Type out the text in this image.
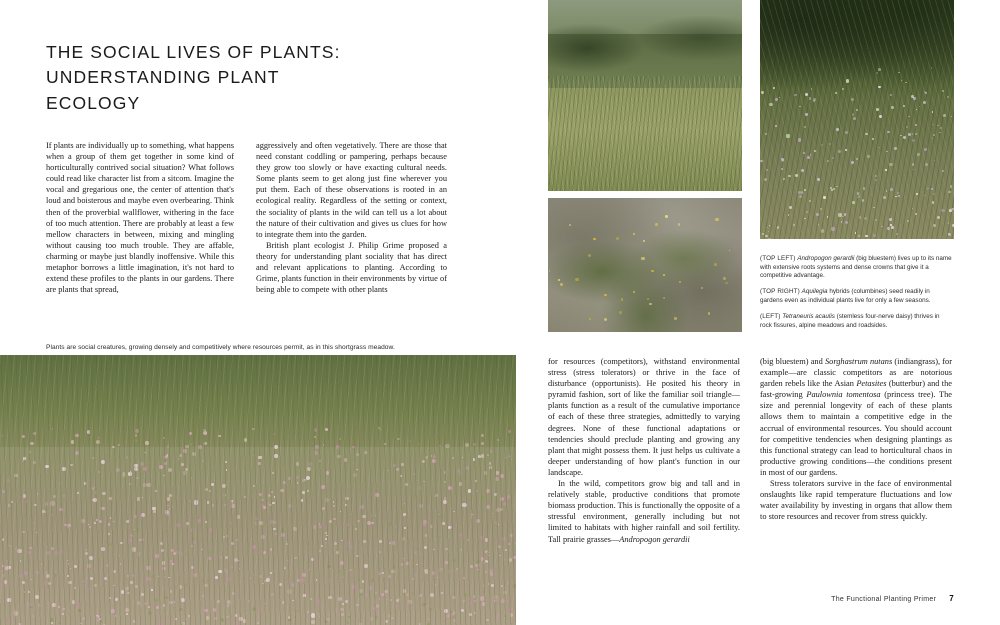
THE SOCIAL LIVES OF PLANTS: UNDERSTANDING PLANT ECOLOGY

If plants are individually up to something, what happens when a group of them get together in some kind of horticulturally contrived social situation? What follows could read like character list from a sitcom. Imagine the vocal and gregarious one, the center of attention that's loud and boisterous and maybe even overbearing. Think then of the proverbial wallflower, withering in the face of too much attention. There are probably at least a few mellow characters in between, mixing and mingling without causing too much trouble. They are affable, charming or maybe just blandly inoffensive. While this metaphor borrows a little imagination, it's not hard to extend these profiles to the plants in our gardens. There are plants that spread,

aggressively and often vegetatively. There are those that need constant coddling or pampering, perhaps because they grow too slowly or have exacting cultural needs. Some plants seem to get along just fine wherever you put them. Each of these observations is rooted in an ecological reality. Regardless of the setting or context, the sociality of plants in the wild can tell us a lot about the nature of their cultivation and gives us clues for how to integrate them into the garden.

British plant ecologist J. Philip Grime proposed a theory for understanding plant sociality that has direct and relevant applications to planting. According to Grime, plants function in their environments by virtue of being able to compete with other plants

Plants are social creatures, growing densely and competitively where resources permit, as in this shortgrass meadow.
(TOP LEFT) Andropogon gerardii (big bluestem) lives up to its name with extensive roots systems and dense crowns that give it a competitive advantage.
(TOP RIGHT) Aquilegia hybrids (columbines) seed readily in gardens even as individual plants live for only a few seasons.
(LEFT) Tetraneuris acaulis (stemless four-nerve daisy) thrives in rock fissures, alpine meadows and roadsides.

for resources (competitors), withstand environmental stress (stress tolerators) or thrive in the face of disturbance (opportunists). He posited his theory in pyramid fashion, sort of like the familiar soil triangle—plants function as a result of the cumulative importance of each of these three strategies, admittedly to varying degrees. None of these functional adaptations or tendencies should preclude planting and growing any plant that might possess them. It just helps us cultivate a deeper understanding of how plant's function in our landscape.

In the wild, competitors grow big and tall and in relatively stable, productive conditions that promote biomass production. This is functionally the opposite of a stressful environment, generally including but not limited to habitats with higher rainfall and soil fertility. Tall prairie grasses—Andropogon gerardii

(big bluestem) and Sorghastrum nutans (indiangrass), for example—are classic competitors as are notorious garden rebels like the Asian Petasites (butterbur) and the fast-growing Paulownia tomentosa (princess tree). The size and perennial longevity of each of these plants allows them to maintain a competitive edge in the accrual of environmental resources. You should account for competitive tendencies when designing plantings as this functional strategy can lead to horticultural chaos in productive growing conditions—the conditions present in most of our gardens.

Stress tolerators survive in the face of environmental onslaughts like rapid temperature fluctuations and low water availability by investing in organs that allow them to store resources and recover from stress quickly.

The Functional Planting Primer 7
